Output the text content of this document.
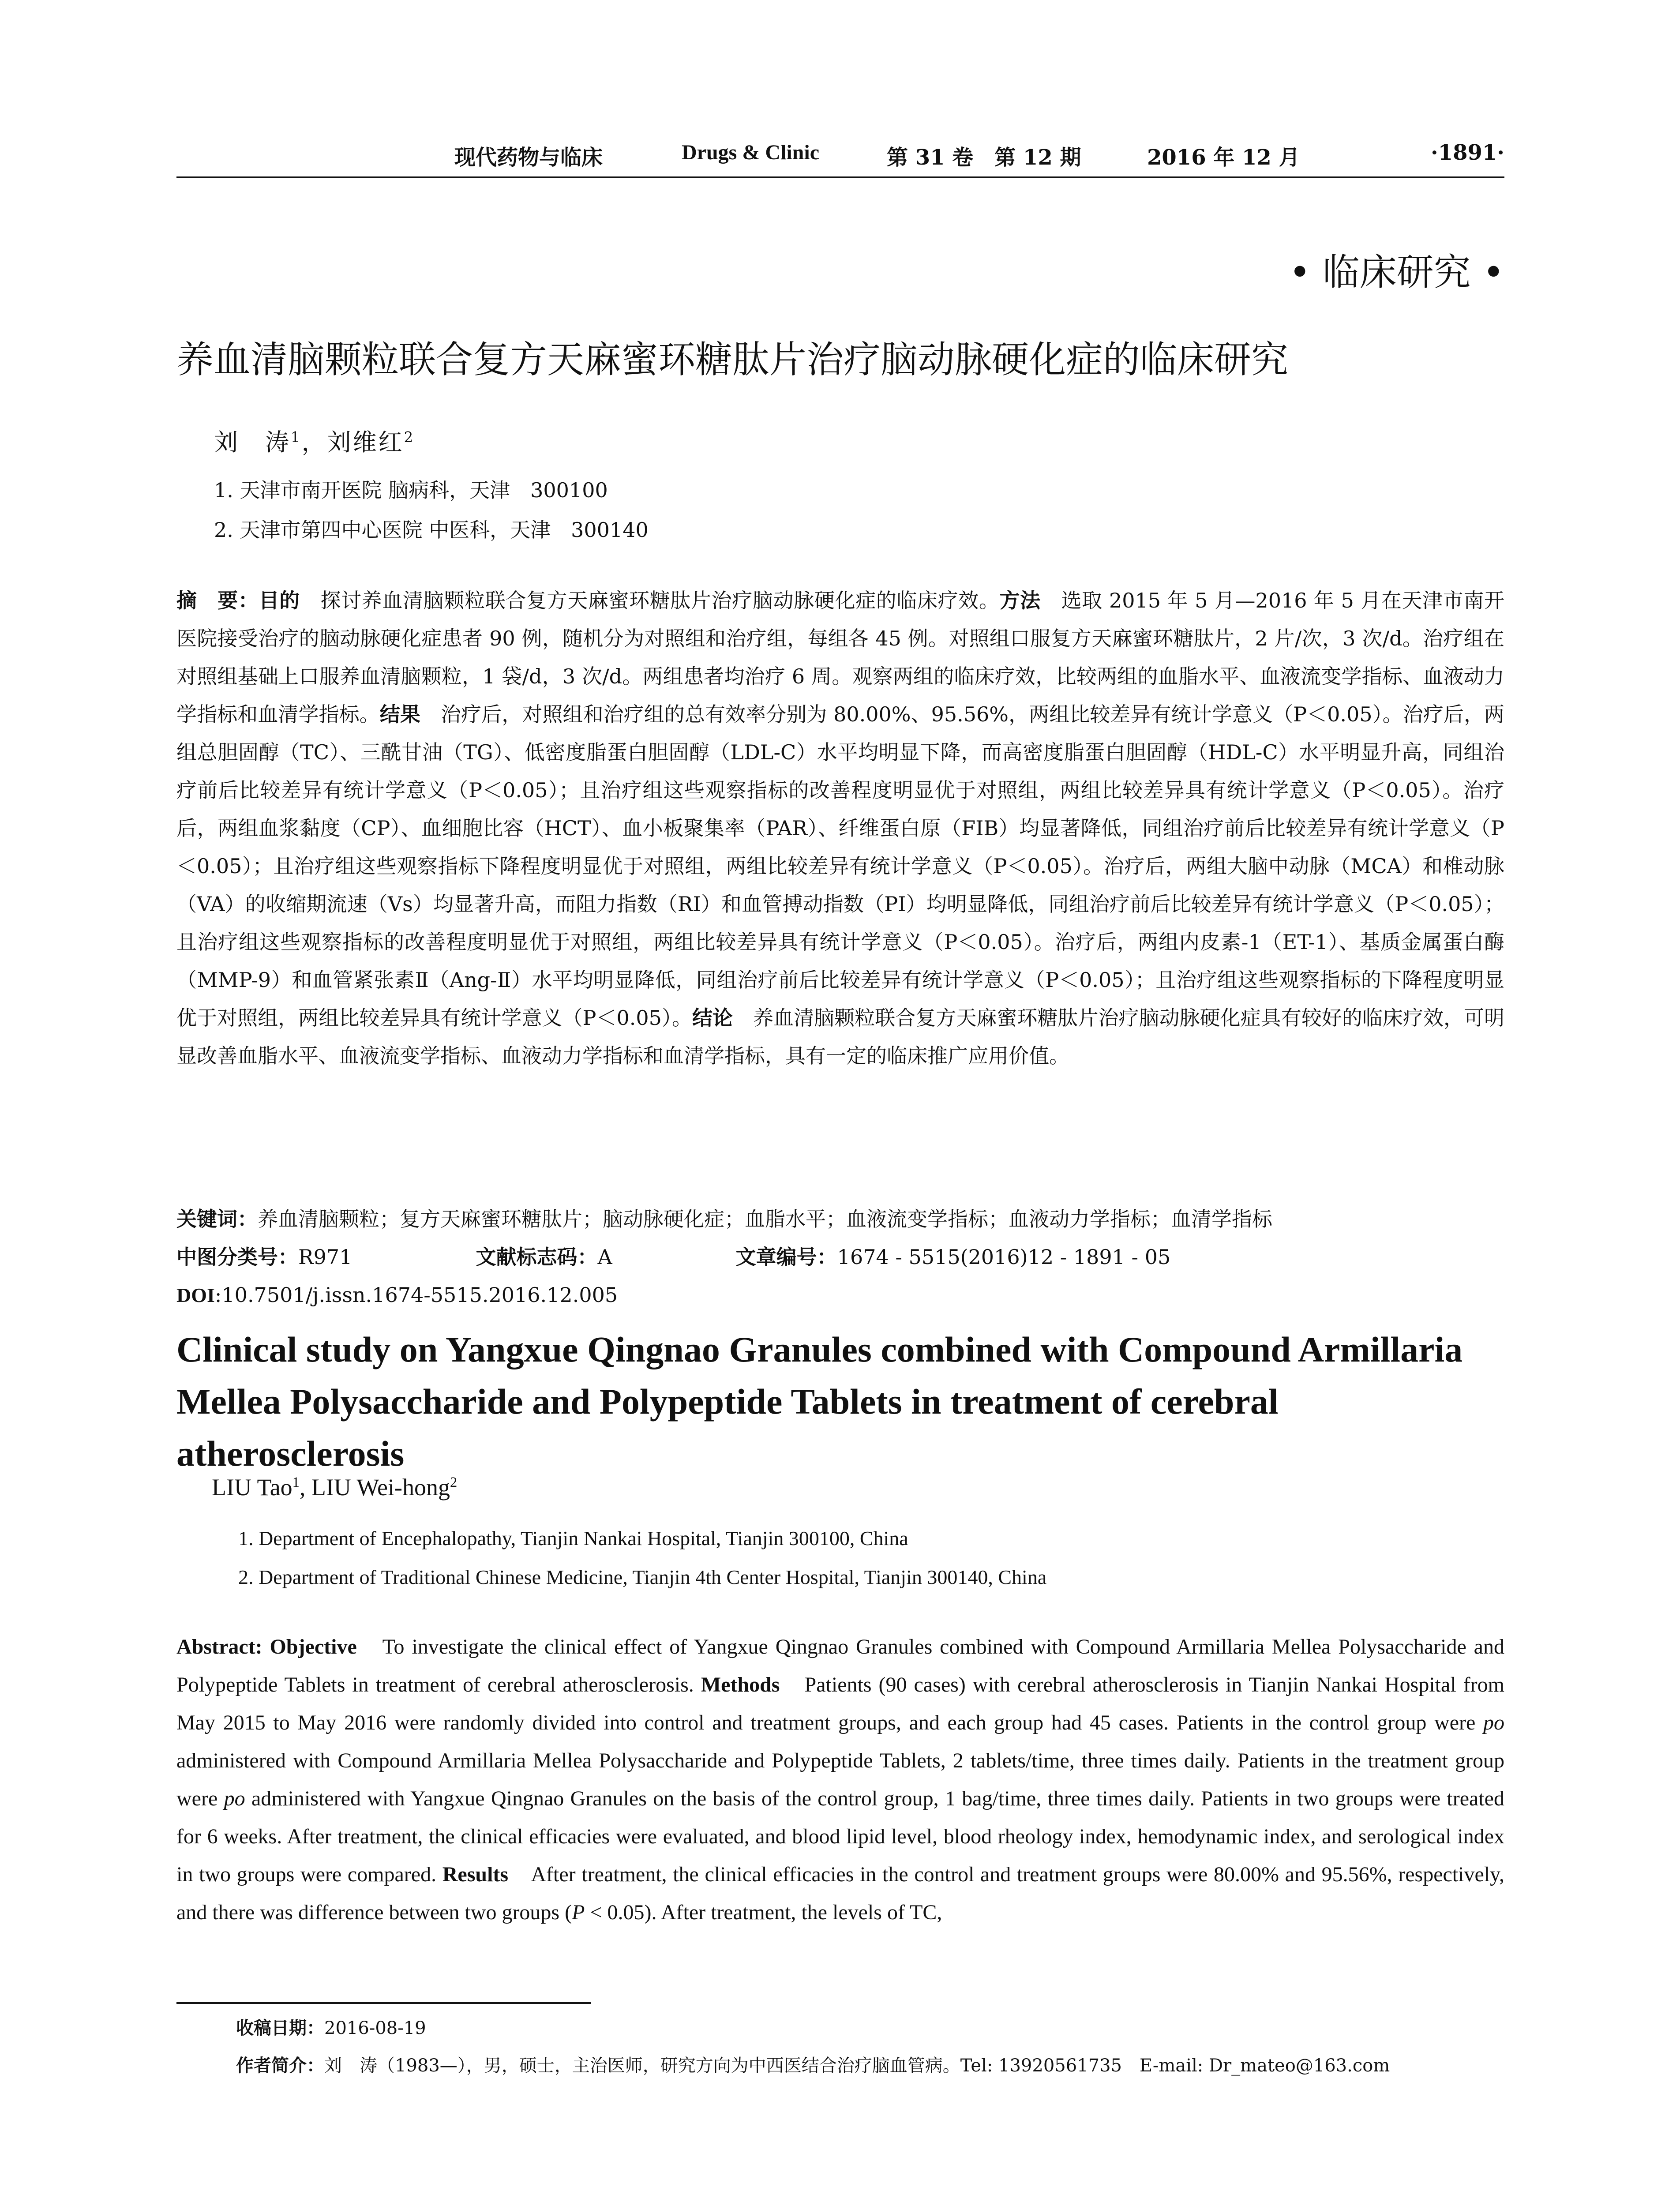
现代药物与临床	Drugs & Clinic	第 31 卷　第 12 期	2016 年 12 月	·1891·
• 临床研究 •
养血清脑颗粒联合复方天麻蜜环糖肽片治疗脑动脉硬化症的临床研究
刘　涛$^1$，刘维红$^2$
1. 天津市南开医院 脑病科，天津　300100
2. 天津市第四中心医院 中医科，天津　300140

摘　要：目的　探讨养血清脑颗粒联合复方天麻蜜环糖肽片治疗脑动脉硬化症的临床疗效。方法　选取 2015 年 5 月—2016 年 5 月在天津市南开医院接受治疗的脑动脉硬化症患者 90 例，随机分为对照组和治疗组，每组各 45 例。对照组口服复方天麻蜜环糖肽片，2 片/次，3 次/d。治疗组在对照组基础上口服养血清脑颗粒，1 袋/d，3 次/d。两组患者均治疗 6 周。观察两组的临床疗效，比较两组的血脂水平、血液流变学指标、血液动力学指标和血清学指标。结果　治疗后，对照组和治疗组的总有效率分别为 80.00%、95.56%，两组比较差异有统计学意义（P＜0.05）。治疗后，两组总胆固醇（TC）、三酰甘油（TG）、低密度脂蛋白胆固醇（LDL-C）水平均明显下降，而高密度脂蛋白胆固醇（HDL-C）水平明显升高，同组治疗前后比较差异有统计学意义（P＜0.05）；且治疗组这些观察指标的改善程度明显优于对照组，两组比较差异具有统计学意义（P＜0.05）。治疗后，两组血浆黏度（CP）、血细胞比容（HCT）、血小板聚集率（PAR）、纤维蛋白原（FIB）均显著降低，同组治疗前后比较差异有统计学意义（P＜0.05）；且治疗组这些观察指标下降程度明显优于对照组，两组比较差异有统计学意义（P＜0.05）。治疗后，两组大脑中动脉（MCA）和椎动脉（VA）的收缩期流速（Vs）均显著升高，而阻力指数（RI）和血管搏动指数（PI）均明显降低，同组治疗前后比较差异有统计学意义（P＜0.05）；且治疗组这些观察指标的改善程度明显优于对照组，两组比较差异具有统计学意义（P＜0.05）。治疗后，两组内皮素-1（ET-1）、基质金属蛋白酶（MMP-9）和血管紧张素Ⅱ（Ang-Ⅱ）水平均明显降低，同组治疗前后比较差异有统计学意义（P＜0.05）；且治疗组这些观察指标的下降程度明显优于对照组，两组比较差异具有统计学意义（P＜0.05）。结论　养血清脑颗粒联合复方天麻蜜环糖肽片治疗脑动脉硬化症具有较好的临床疗效，可明显改善血脂水平、血液流变学指标、血液动力学指标和血清学指标，具有一定的临床推广应用价值。

关键词：养血清脑颗粒；复方天麻蜜环糖肽片；脑动脉硬化症；血脂水平；血液流变学指标；血液动力学指标；血清学指标
中图分类号：R971	文献标志码：A	文章编号：1674 - 5515(2016)12 - 1891 - 05
DOI:10.7501/j.issn.1674-5515.2016.12.005
Clinical study on Yangxue Qingnao Granules combined with Compound Armillaria
Mellea Polysaccharide and Polypeptide Tablets in treatment of cerebral atherosclerosis
LIU Tao$^1$, LIU Wei-hong$^2$
1. Department of Encephalopathy, Tianjin Nankai Hospital, Tianjin 300100, China
2. Department of Traditional Chinese Medicine, Tianjin 4th Center Hospital, Tianjin 300140, China

Abstract: Objective　To investigate the clinical effect of Yangxue Qingnao Granules combined with Compound Armillaria Mellea Polysaccharide and Polypeptide Tablets in treatment of cerebral atherosclerosis. Methods　Patients (90 cases) with cerebral atherosclerosis in Tianjin Nankai Hospital from May 2015 to May 2016 were randomly divided into control and treatment groups, and each group had 45 cases. Patients in the control group were po administered with Compound Armillaria Mellea Polysaccharide and Polypeptide Tablets, 2 tablets/time, three times daily. Patients in the treatment group were po administered with Yangxue Qingnao Granules on the basis of the control group, 1 bag/time, three times daily. Patients in two groups were treated for 6 weeks. After treatment, the clinical efficacies were evaluated, and blood lipid level, blood rheology index, hemodynamic index, and serological index in two groups were compared. Results　After treatment, the clinical efficacies in the control and treatment groups were 80.00% and 95.56%, respectively, and there was difference between two groups (P < 0.05). After treatment, the levels of TC,

收稿日期：2016-08-19
作者简介：刘　涛（1983—），男，硕士，主治医师，研究方向为中西医结合治疗脑血管病。Tel: 13920561735　E-mail: Dr_mateo@163.com
